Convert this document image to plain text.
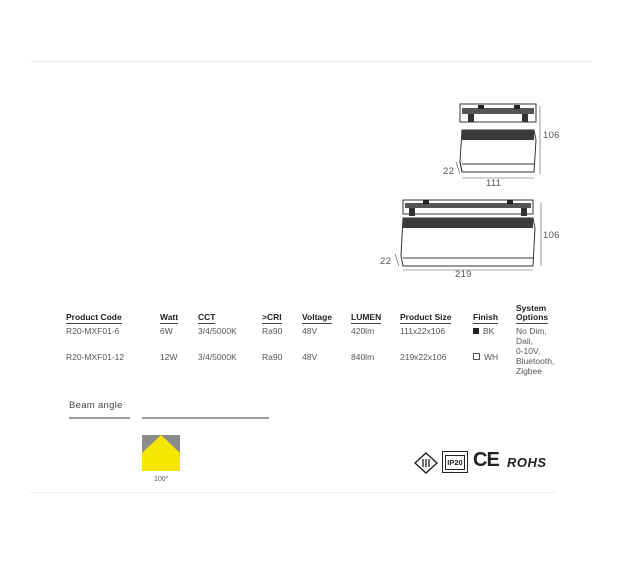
106
22
111
106
22
219
Product Code	Watt	CCT	>CRI	Voltage	LUMEN	Product Size	Finish	System
Options
R20-MXF01-6	6W	3/4/5000K	Ra90	48V	420lm	111x22x106	BK	No Dim,
Dali,
0-10V,
Bluetooth,
Zigbee
R20-MXF01-12	12W	3/4/5000K	Ra90	48V	840lm	219x22x106	WH	
Beam angle
100°
IP20 CE ROHS
